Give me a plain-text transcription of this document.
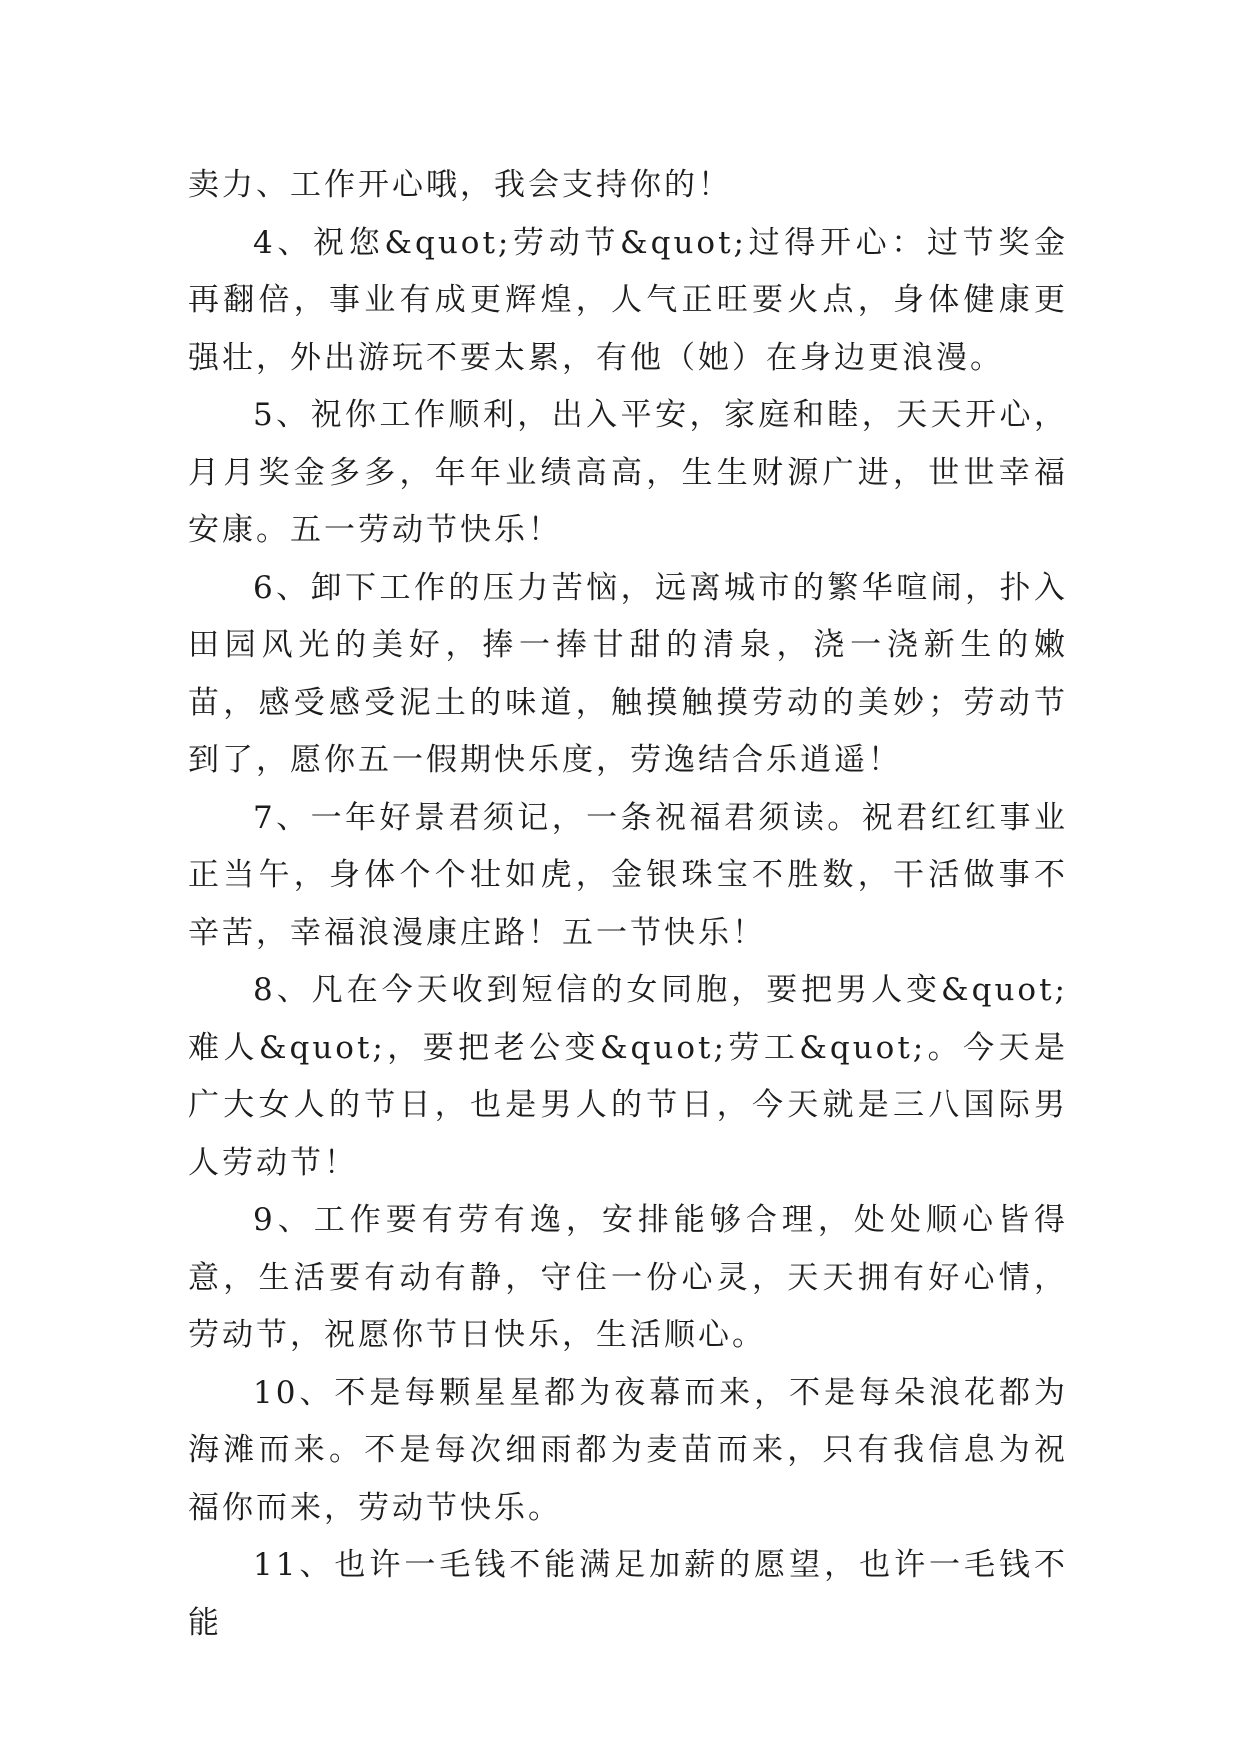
卖力、工作开心哦，我会支持你的！

4、祝您&quot;劳动节&quot;过得开心：过节奖金再翻倍，事业有成更辉煌，人气正旺要火点，身体健康更强壮，外出游玩不要太累，有他（她）在身边更浪漫。

5、祝你工作顺利，出入平安，家庭和睦，天天开心，月月奖金多多，年年业绩高高，生生财源广进，世世幸福安康。五一劳动节快乐！

6、卸下工作的压力苦恼，远离城市的繁华喧闹，扑入田园风光的美好，捧一捧甘甜的清泉，浇一浇新生的嫩苗，感受感受泥土的味道，触摸触摸劳动的美妙；劳动节到了，愿你五一假期快乐度，劳逸结合乐逍遥！

7、一年好景君须记，一条祝福君须读。祝君红红事业正当午，身体个个壮如虎，金银珠宝不胜数，干活做事不辛苦，幸福浪漫康庄路！五一节快乐！

8、凡在今天收到短信的女同胞，要把男人变&quot;难人&quot;，要把老公变&quot;劳工&quot;。今天是广大女人的节日，也是男人的节日，今天就是三八国际男人劳动节！

9、工作要有劳有逸，安排能够合理，处处顺心皆得意，生活要有动有静，守住一份心灵，天天拥有好心情，劳动节，祝愿你节日快乐，生活顺心。

10、不是每颗星星都为夜幕而来，不是每朵浪花都为海滩而来。不是每次细雨都为麦苗而来，只有我信息为祝福你而来，劳动节快乐。

11、也许一毛钱不能满足加薪的愿望，也许一毛钱不能
